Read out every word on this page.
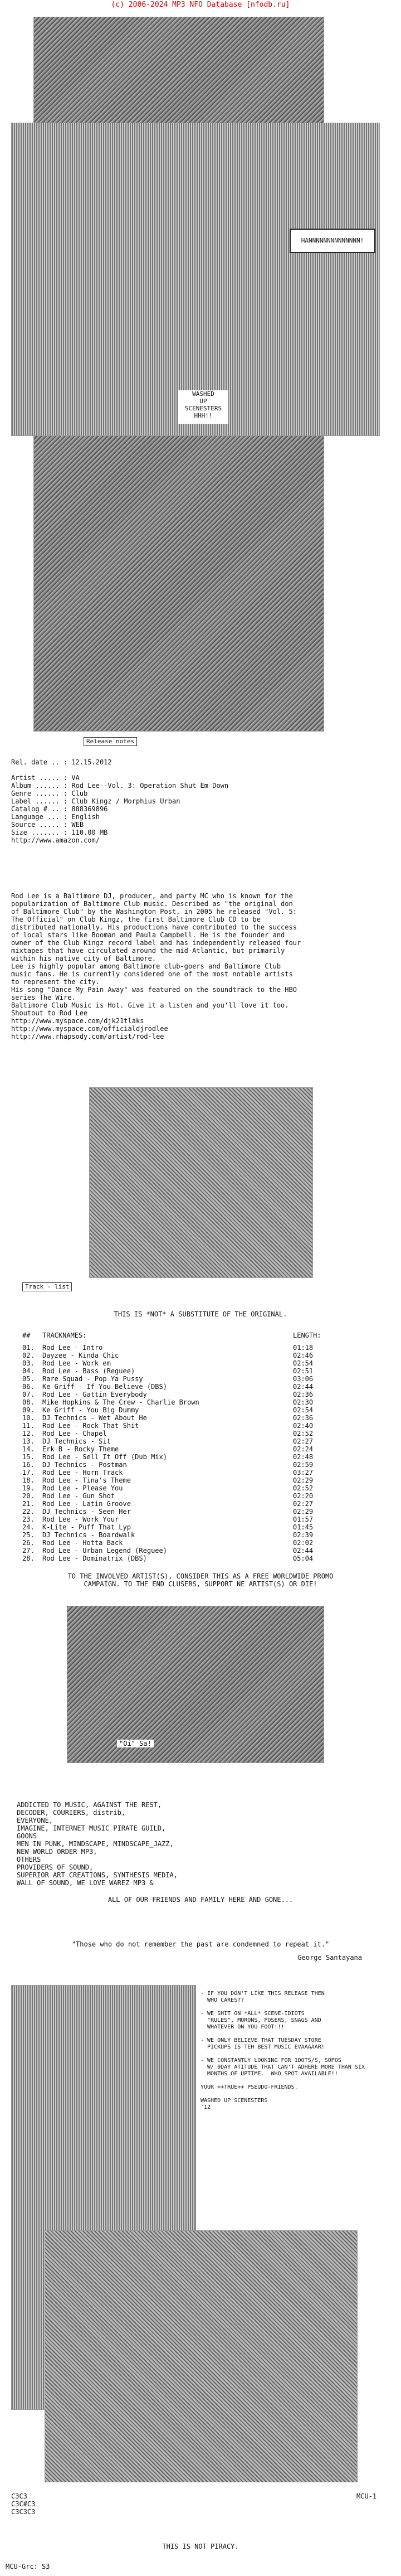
(c) 2006-2024 MP3 NFO Database [nfodb.ru]
HANNNNNNNNNNNNNN!
WASHED
UP
SCENESTERS
HHH!!
Release notes
Rel. date .. : 12.15.2012
Artist ..... : VA
Album ...... : Rod Lee--Vol. 3: Operation Shut Em Down
Genre ...... : Club
Label ...... : Club Kingz / Morphius Urban
Catalog # .. : 808369896
Language ... : English
Source ..... : WEB
Size ....... : 110.00 MB
http://www.amazon.com/
Rod Lee is a Baltimore DJ, producer, and party MC who is known for the
popularization of Baltimore Club music. Described as "the original don
of Baltimore Club" by the Washington Post, in 2005 he released "Vol. 5:
The Official" on Club Kingz, the first Baltimore Club CD to be
distributed nationally. His productions have contributed to the success
of local stars like Booman and Paula Campbell. He is the founder and
owner of the Club Kingz record label and has independently released four
mixtapes that have circulated around the mid-Atlantic, but primarily
within his native city of Baltimore.
Lee is highly popular among Baltimore club-goers and Baltimore Club
music fans. He is currently considered one of the most notable artists
to represent the city.
His song "Dance My Pain Away" was featured on the soundtrack to the HBO
series The Wire.
Baltimore Club Music is Hot. Give it a listen and you'll love it too.
Shoutout to Rod Lee
http://www.myspace.com/djk21tlaks
http://www.myspace.com/officialdjrodlee
http://www.rhapsody.com/artist/rod-lee
Track - list
THIS IS *NOT* A SUBSTITUTE OF THE ORIGINAL.
##	TRACKNAMES:	LENGTH:
01.	Rod Lee - Intro	01:18
02.	Dayzee - Kinda Chic	02:46
03.	Rod Lee - Work em	02:54
04.	Rod Lee - Bass (Reguee)	02:51
05.	Rare Squad - Pop Ya Pussy	03:06
06.	Ke Griff - If You Believe (DBS)	02:44
07.	Rod Lee - Gattin Everybody	02:36
08.	Mike Hopkins & The Crew - Charlie Brown	02:30
09.	Ke Griff - You Big Dummy	02:54
10.	DJ Technics - Wet About He	02:36
11.	Rod Lee - Rock That Shit	02:40
12.	Rod Lee - Chapel	02:52
13.	DJ Technics - Sit	02:27
14.	Erk B - Rocky Theme	02:24
15.	Rod Lee - Sell It Off (Dub Mix)	02:48
16.	DJ Technics - Postman	02:59
17.	Rod Lee - Horn Track	03:27
18.	Rod Lee - Tina's Theme	02:29
19.	Rod Lee - Please You	02:52
20.	Rod Lee - Gun Shot	02:20
21.	Rod Lee - Latin Groove	02:27
22.	DJ Technics - Seen Her	02:29
23.	Rod Lee - Work Your	01:57
24.	K-Lite - Puff That Lyp	01:45
25.	DJ Technics - Boardwalk	02:39
26.	Rod Lee - Hotta Back	02:02
27.	Rod Lee - Urban Legend (Reguee)	02:44
28.	Rod Lee - Dominatrix (DBS)	05:04
TO THE INVOLVED ARTIST(S), CONSIDER THIS AS A FREE WORLDWIDE PROMO
CAMPAIGN. TO THE END CLUSERS, SUPPORT NE ARTIST(S) OR DIE!
"Oi" Sa!
ADDICTED TO MUSIC, AGAINST THE REST,
DECODER, COURIERS, distrib,
EVERYONE,
IMAGINE, INTERNET MUSIC PIRATE GUILD,
GOONS
MEN IN PUNK, MINDSCAPE, MINDSCAPE_JAZZ,
NEW WORLD ORDER MP3,
OTHERS
PROVIDERS OF SOUND,
SUPERIOR ART CREATIONS, SYNTHESIS MEDIA,
WALL OF SOUND, WE LOVE WAREZ MP3 &
ALL OF OUR FRIENDS AND FAMILY HERE AND GONE...
"Those who do not remember the past are condemned to repeat it."
George Santayana
- IF YOU DON'T LIKE THIS RELEASE THEN
WHO CARES??

- WE SHIT ON *ALL* SCENE-IDIOTS
"RULES", MORONS, POSERS, SNAGS AND
WHATEVER ON YOU FOOT!!!

- WE ONLY BELIEVE THAT TUESDAY STORE
PICKUPS IS TEH BEST MUSIC EVAAAAAR!

- WE CONSTANTLY LOOKING FOR 1DOTS/S, SOPOS
W/ 0DAY ATITUDE THAT CAN'T ADHERE MORE THAN SIX
MONTHS OF UPTIME.  WHO SPOT AVAILABLE!!

YOUR ++TRUE++ PSEUDO-FRIENDS.

WASHED UP SCENESTERS
'12
C3C3
C3C#C3
C3C3C3
MCU-1
THIS IS NOT PIRACY.
MCU-Grc: S3
